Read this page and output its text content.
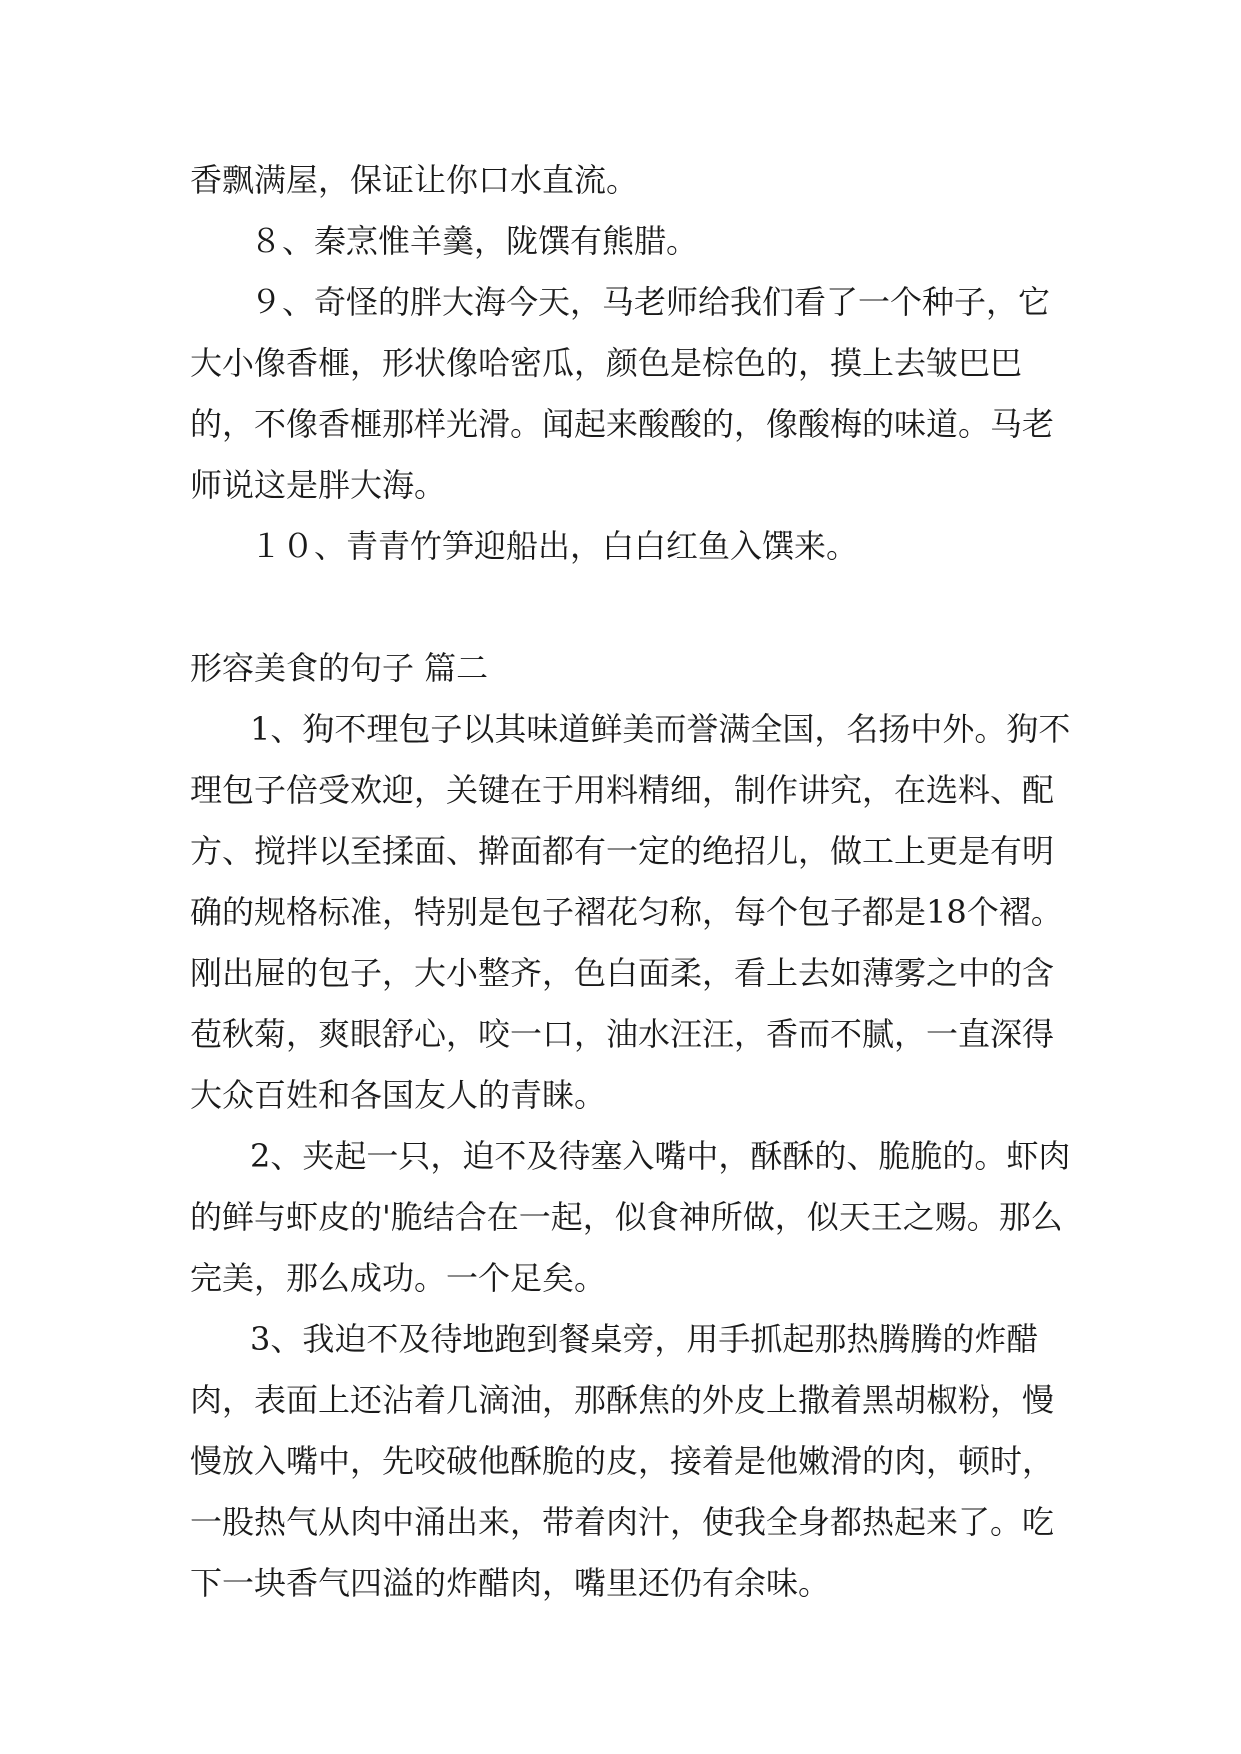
香飘满屋，保证让你口水直流。

８、秦烹惟羊羹，陇馔有熊腊。

９、奇怪的胖大海今天，马老师给我们看了一个种子，它大小像香榧，形状像哈密瓜，颜色是棕色的，摸上去皱巴巴的，不像香榧那样光滑。闻起来酸酸的，像酸梅的味道。马老师说这是胖大海。

１０、青青竹笋迎船出，白白红鱼入馔来。

形容美食的句子 篇二

1、狗不理包子以其味道鲜美而誉满全国，名扬中外。狗不理包子倍受欢迎，关键在于用料精细，制作讲究，在选料、配方、搅拌以至揉面、擀面都有一定的绝招儿，做工上更是有明确的规格标准，特别是包子褶花匀称，每个包子都是18个褶。刚出屉的包子，大小整齐，色白面柔，看上去如薄雾之中的含苞秋菊，爽眼舒心，咬一口，油水汪汪，香而不腻，一直深得大众百姓和各国友人的青睐。

2、夹起一只，迫不及待塞入嘴中，酥酥的、脆脆的。虾肉的鲜与虾皮的'脆结合在一起，似食神所做，似天王之赐。那么完美，那么成功。一个足矣。

3、我迫不及待地跑到餐桌旁，用手抓起那热腾腾的炸醋肉，表面上还沾着几滴油，那酥焦的外皮上撒着黑胡椒粉，慢慢放入嘴中，先咬破他酥脆的皮，接着是他嫩滑的肉，顿时，一股热气从肉中涌出来，带着肉汁，使我全身都热起来了。吃下一块香气四溢的炸醋肉，嘴里还仍有余味。
